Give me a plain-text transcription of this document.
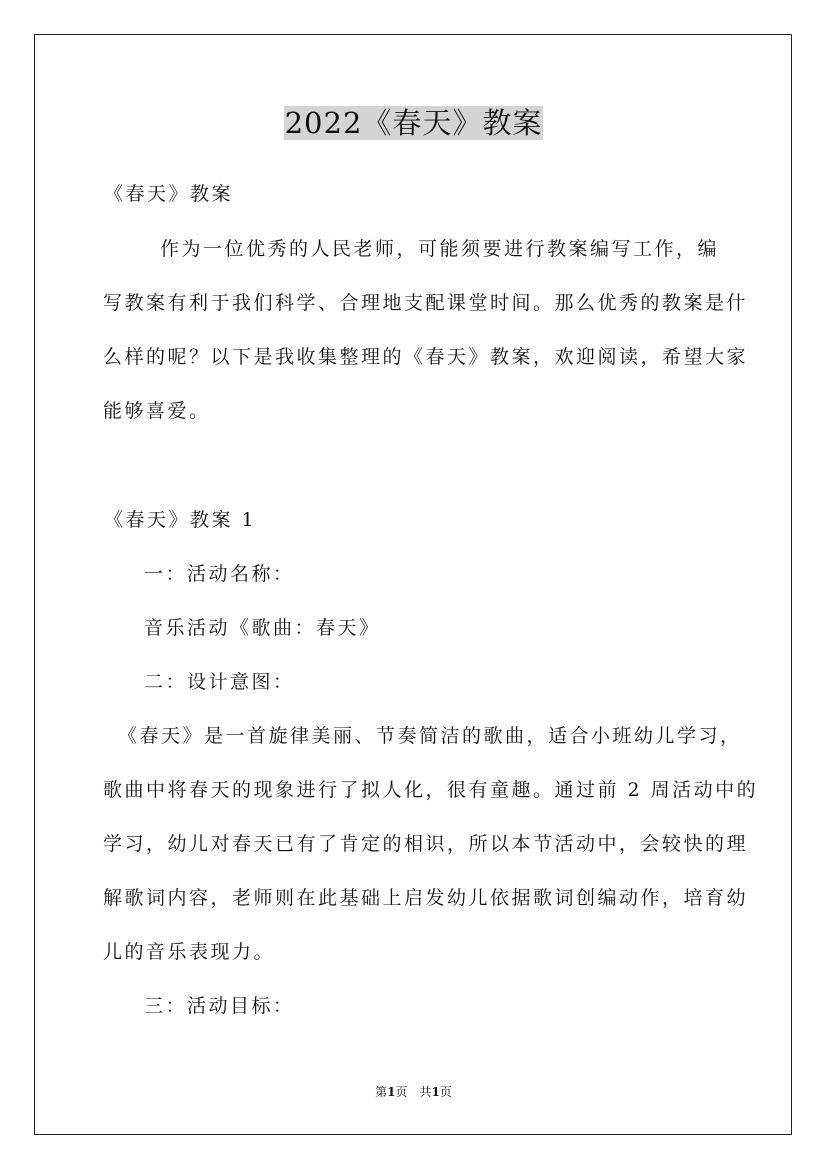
2022《春天》教案
《春天》教案
作为一位优秀的人民老师，可能须要进行教案编写工作，编
写教案有利于我们科学、合理地支配课堂时间。那么优秀的教案是什
么样的呢？以下是我收集整理的《春天》教案，欢迎阅读，希望大家
能够喜爱。
《春天》教案 1
一：活动名称：
音乐活动《歌曲：春天》
二：设计意图：
《春天》是一首旋律美丽、节奏简洁的歌曲，适合小班幼儿学习，
歌曲中将春天的现象进行了拟人化，很有童趣。通过前 2 周活动中的
学习，幼儿对春天已有了肯定的相识，所以本节活动中，会较快的理
解歌词内容，老师则在此基础上启发幼儿依据歌词创编动作，培育幼
儿的音乐表现力。
三：活动目标：
第1页　共1页
